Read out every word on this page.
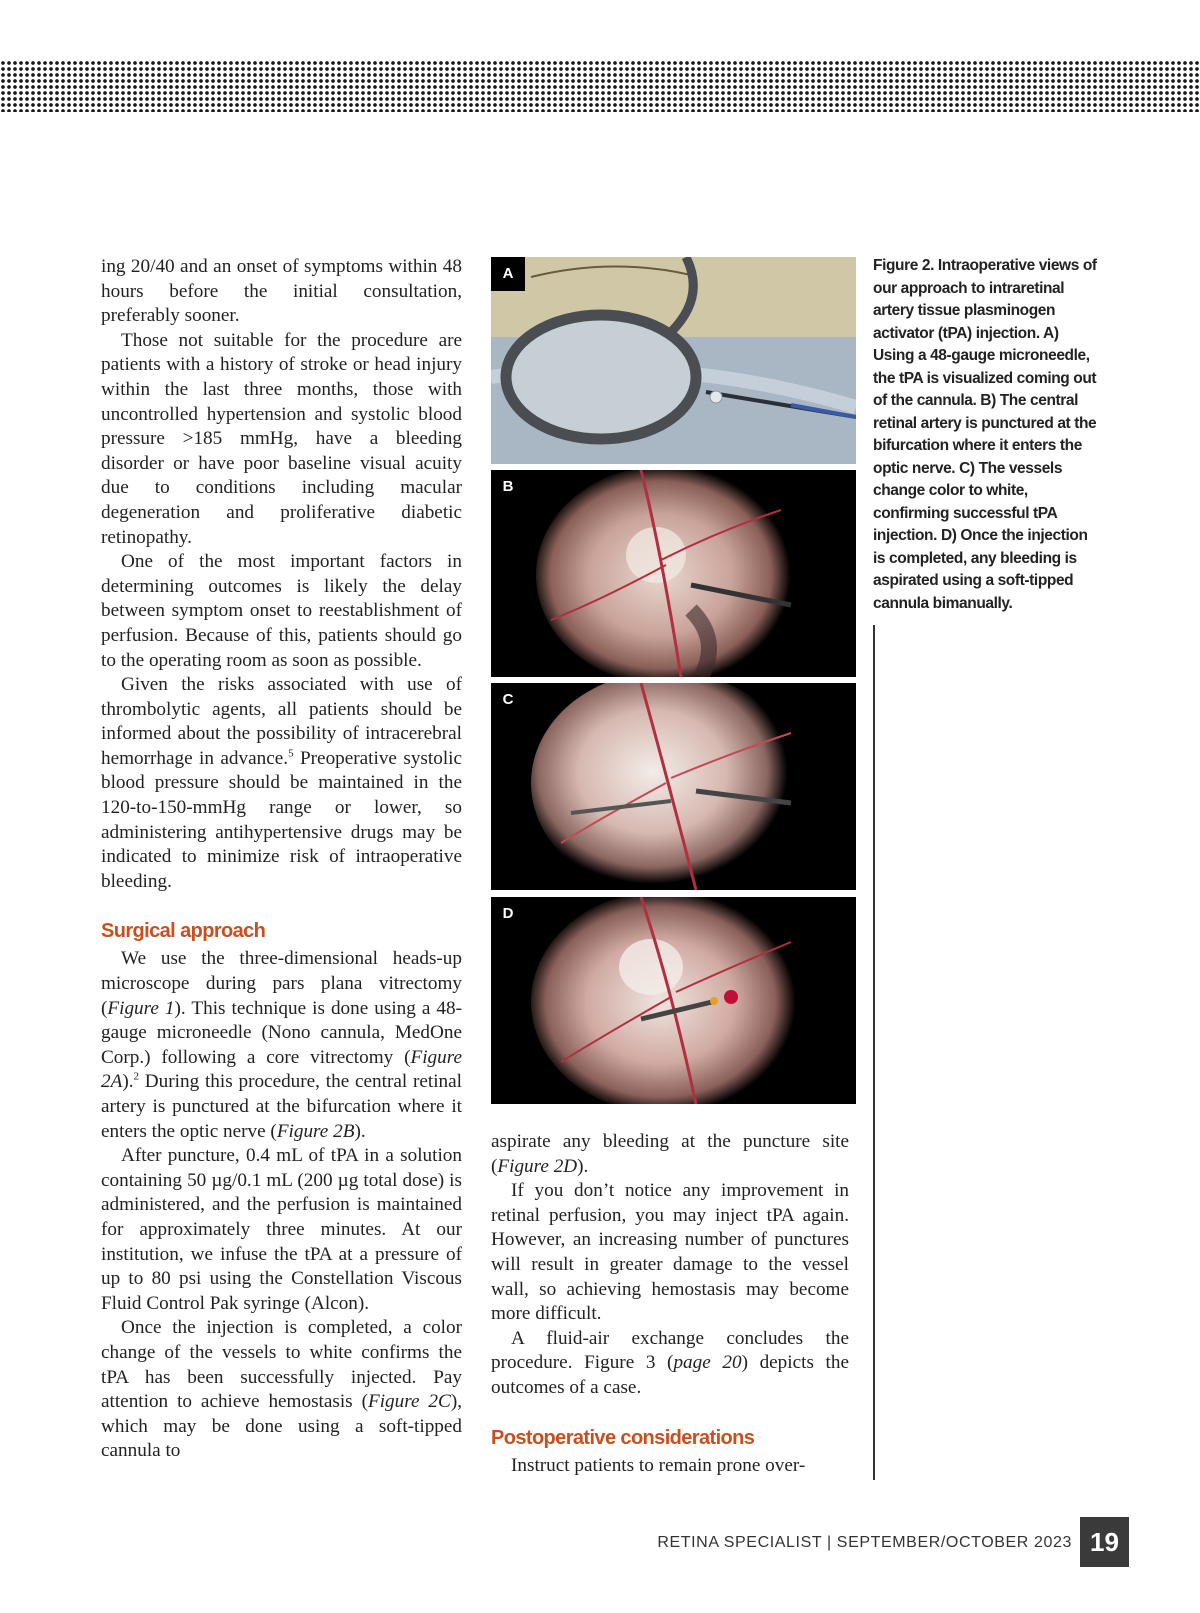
ing 20/40 and an onset of symptoms within 48 hours before the initial consultation, preferably sooner.

Those not suitable for the procedure are patients with a history of stroke or head injury within the last three months, those with uncontrolled hypertension and systolic blood pressure >185 mmHg, have a bleeding disorder or have poor baseline visual acuity due to conditions including macular degeneration and proliferative diabetic retinopathy.

One of the most important factors in determining outcomes is likely the delay between symptom onset to reestablishment of perfusion. Because of this, patients should go to the operating room as soon as possible.

Given the risks associated with use of thrombolytic agents, all patients should be informed about the possibility of intracerebral hemorrhage in advance.$^5$ Preoperative systolic blood pressure should be maintained in the 120-to-150-mmHg range or lower, so administering antihypertensive drugs may be indicated to minimize risk of intraoperative bleeding.

Surgical approach

We use the three-dimensional heads-up microscope during pars plana vitrectomy (Figure 1). This technique is done using a 48-gauge microneedle (Nono cannula, MedOne Corp.) following a core vitrectomy (Figure 2A).$^2$ During this procedure, the central retinal artery is punctured at the bifurcation where it enters the optic nerve (Figure 2B).

After puncture, 0.4 mL of tPA in a solution containing 50 µg/0.1 mL (200 µg total dose) is administered, and the perfusion is maintained for approximately three minutes. At our institution, we infuse the tPA at a pressure of up to 80 psi using the Constellation Viscous Fluid Control Pak syringe (Alcon).

Once the injection is completed, a color change of the vessels to white confirms the tPA has been successfully injected. Pay attention to achieve hemostasis (Figure 2C), which may be done using a soft-tipped cannula to

A
B
C
D

aspirate any bleeding at the puncture site (Figure 2D).

If you don’t notice any improvement in retinal perfusion, you may inject tPA again. However, an increasing number of punctures will result in greater damage to the vessel wall, so achieving hemostasis may become more difficult.

A fluid-air exchange concludes the procedure. Figure 3 (page 20) depicts the outcomes of a case.

Postoperative considerations

Instruct patients to remain prone over-

Figure 2. Intraoperative views of our approach to intraretinal artery tissue plasminogen activator (tPA) injection. A) Using a 48-gauge microneedle, the tPA is visualized coming out of the cannula. B) The central retinal artery is punctured at the bifurcation where it enters the optic nerve. C) The vessels change color to white, confirming successful tPA injection. D) Once the injection is completed, any bleeding is aspirated using a soft-tipped cannula bimanually.
RETINA SPECIALIST | SEPTEMBER/OCTOBER 2023 19
